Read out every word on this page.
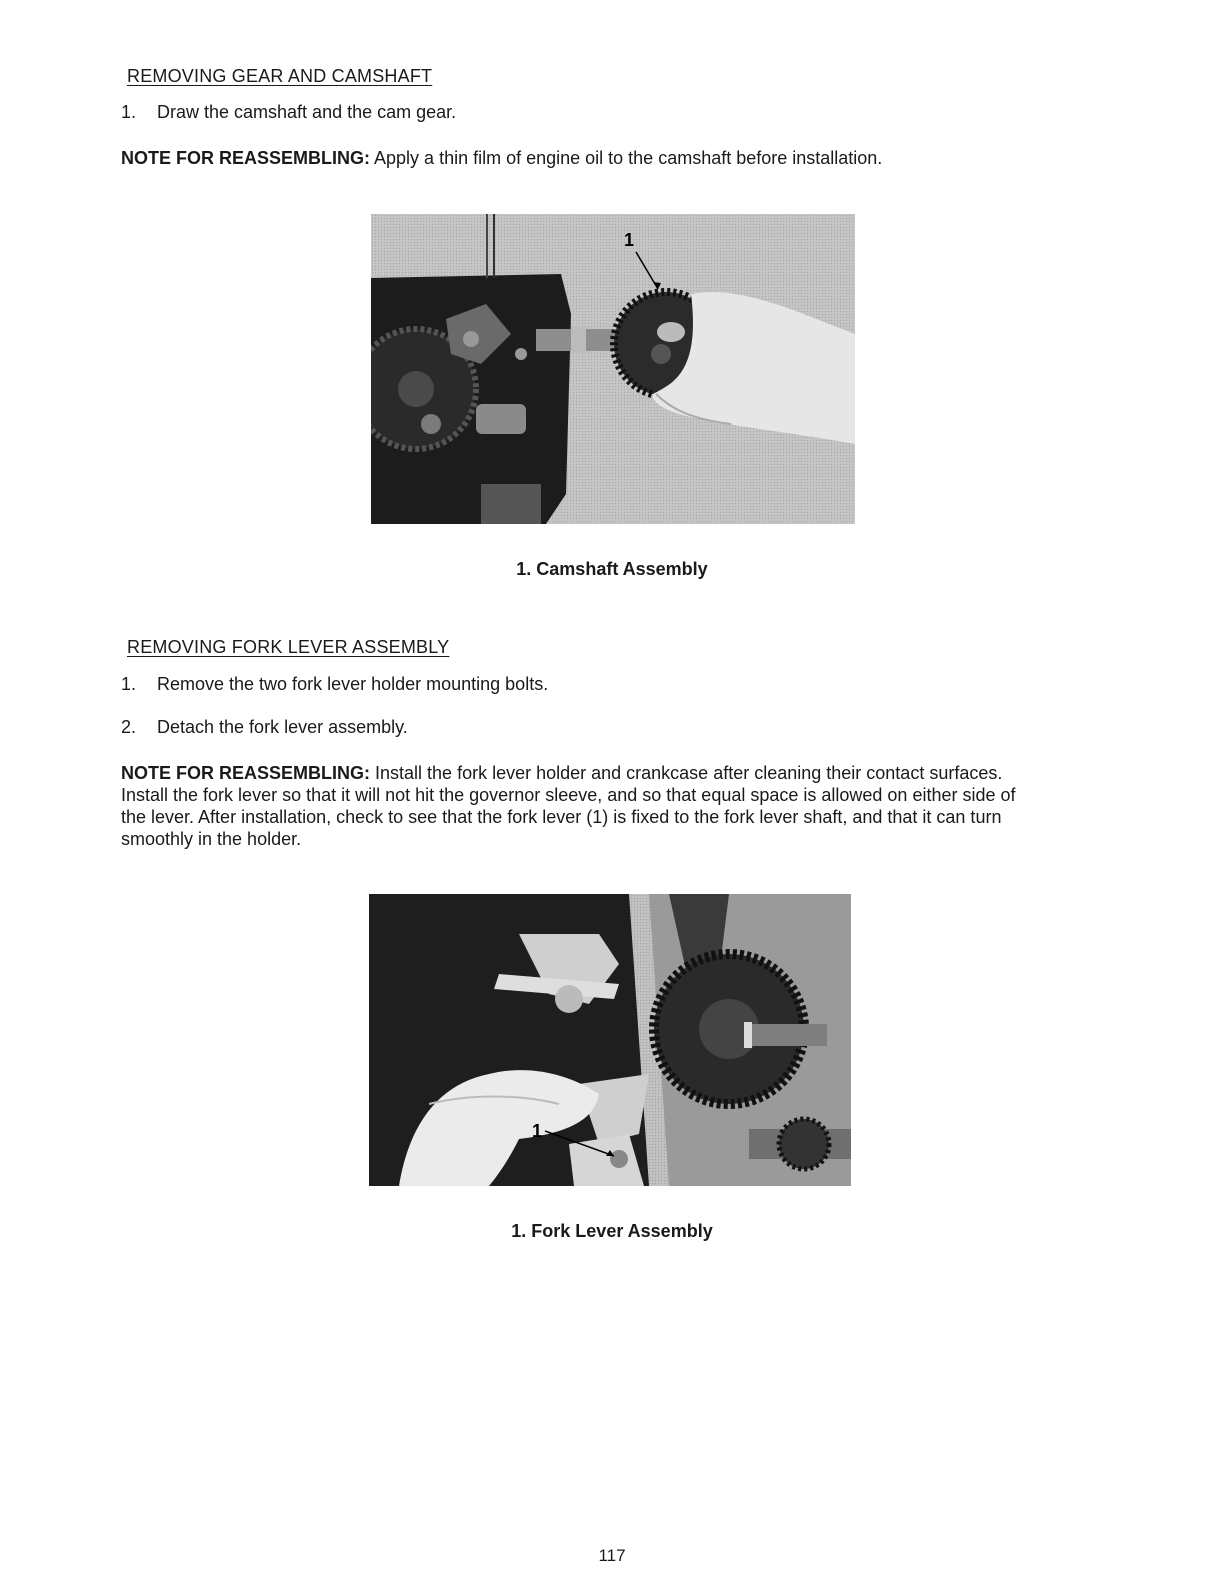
REMOVING GEAR AND CAMSHAFT
1. Draw the camshaft and the cam gear.
NOTE FOR REASSEMBLING: Apply a thin film of engine oil to the camshaft before installation.
1
1. Camshaft Assembly
REMOVING FORK LEVER ASSEMBLY
1. Remove the two fork lever holder mounting bolts.
2. Detach the fork lever assembly.
NOTE FOR REASSEMBLING: Install the fork lever holder and crankcase after cleaning their contact surfaces. Install the fork lever so that it will not hit the governor sleeve, and so that equal space is allowed on either side of the lever. After installation, check to see that the fork lever (1) is fixed to the fork lever shaft, and that it can turn smoothly in the holder.
1
1. Fork Lever Assembly
117
